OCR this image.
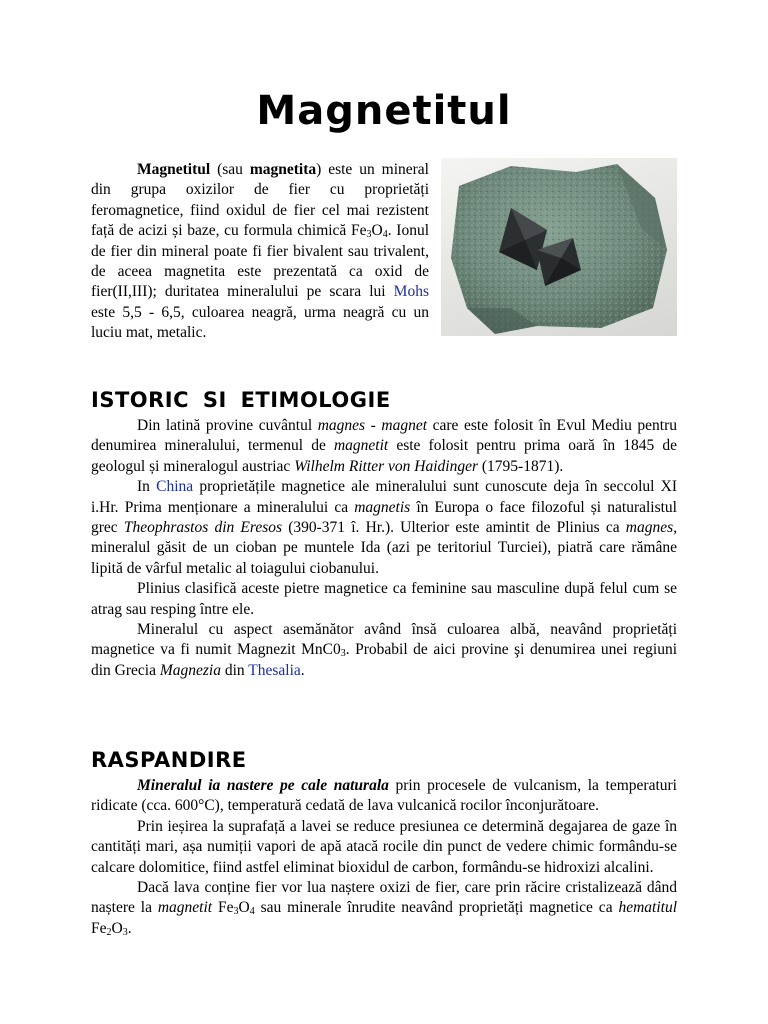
Magnetitul

Magnetitul (sau magnetita) este un mineral din grupa oxizilor de fier cu proprietăți feromagnetice, fiind oxidul de fier cel mai rezistent față de acizi și baze, cu formula chimică $Fe_3O_4$. Ionul de fier din mineral poate fi fier bivalent sau trivalent, de aceea magnetita este prezentată ca oxid de fier(II,III); duritatea mineralului pe scara lui Mohs este 5,5 - 6,5, culoarea neagră, urma neagră cu un luciu mat, metalic.

ISTORIC SI ETIMOLOGIE

Din latină provine cuvântul magnes - magnet care este folosit în Evul Mediu pentru denumirea mineralului, termenul de magnetit este folosit pentru prima oară în 1845 de geologul și mineralogul austriac Wilhelm Ritter von Haidinger (1795-1871).

In China proprietățile magnetice ale mineralului sunt cunoscute deja în seccolul XI i.Hr. Prima menționare a mineralului ca magnetis în Europa o face filozoful și naturalistul grec Theophrastos din Eresos (390-371 î. Hr.). Ulterior este amintit de Plinius ca magnes, mineralul găsit de un cioban pe muntele Ida (azi pe teritoriul Turciei), piatră care rămâne lipită de vârful metalic al toiagului ciobanului.

Plinius clasifică aceste pietre magnetice ca feminine sau masculine după felul cum se atrag sau resping între ele.

Mineralul cu aspect asemănător având însă culoarea albă, neavând proprietăți magnetice va fi numit Magnezit $MnC0_3$. Probabil de aici provine şi denumirea unei regiuni din Grecia Magnezia din Thesalia.

RASPANDIRE

Mineralul ia nastere pe cale naturala prin procesele de vulcanism, la temperaturi ridicate (cca. 600°C), temperatură cedată de lava vulcanică rocilor înconjurătoare.

Prin ieșirea la suprafață a lavei se reduce presiunea ce determină degajarea de gaze în cantități mari, așa numiții vapori de apă atacă rocile din punct de vedere chimic formându-se calcare dolomitice, fiind astfel eliminat bioxidul de carbon, formându-se hidroxizi alcalini.

Dacă lava conține fier vor lua naștere oxizi de fier, care prin răcire cristalizează dând naștere la magnetit $Fe_3O_4$ sau minerale înrudite neavând proprietăți magnetice ca hematitul $Fe_2O_3$.
